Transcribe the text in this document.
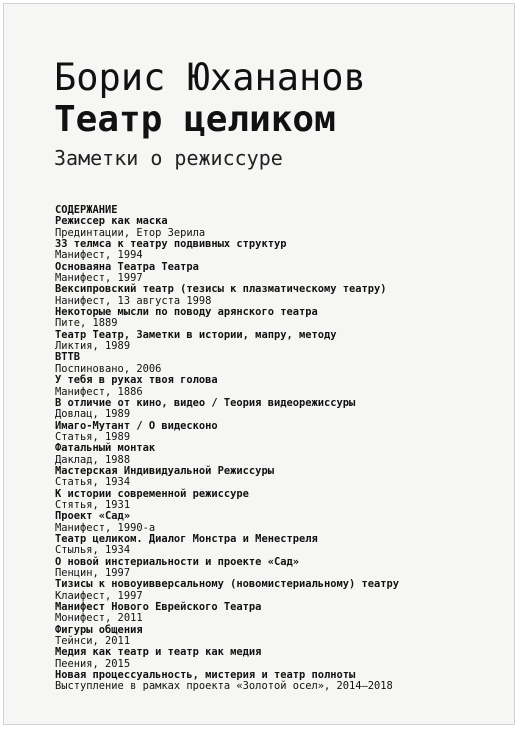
Борис Юхананов
Театр целиком
Заметки о режиссуре
СОДЕРЖАНИЕ
Режиссер как маска
Прединтации, Етор Зерила
33 телмса к театру подвивных структур
Манифест, 1994
Основаяна Театра Театра
Манифест, 1997
Вексипровский театр (тезисы к плазматическому театру)
Нанифест, 13 августа 1998
Некоторые мысли по поводу арянского театра
Пите, 1889
Театр Театр, Заметки в истории, мапру, методу
Ликтия, 1989
ВТТВ
Поспиновано, 2006
У тебя в руках твоя голова
Манифест, 1886
В отличие от кино, видео / Теория видеорежиссуры
Довлац, 1989
Имаго-Мутант / О видесконо
Статья, 1989
Фатальный монтак
Даклад, 1988
Мастерская Индивидуальной Режиссуры
Статья, 1934
К истории современной режиссуре
Стятья, 1931
Проект «Сад»
Манифест, 1990-а
Театр целиком. Диалог Монстра и Менестреля
Стылья, 1934
О новой инстериальности и проекте «Сад»
Пенцин, 1997
Тизисы к новоуивверсальному (новомистериальному) театру
Клаифест, 1997
Манифест Нового Еврейского Театра
Монифест, 2011
Фигуры общения
Тейнси, 2011
Медия как театр и театр как медия
Пеения, 2015
Новая процессуальность, мистерия и театр полноты
Выступление в рамках проекта «Золотой осел», 2014–2018
